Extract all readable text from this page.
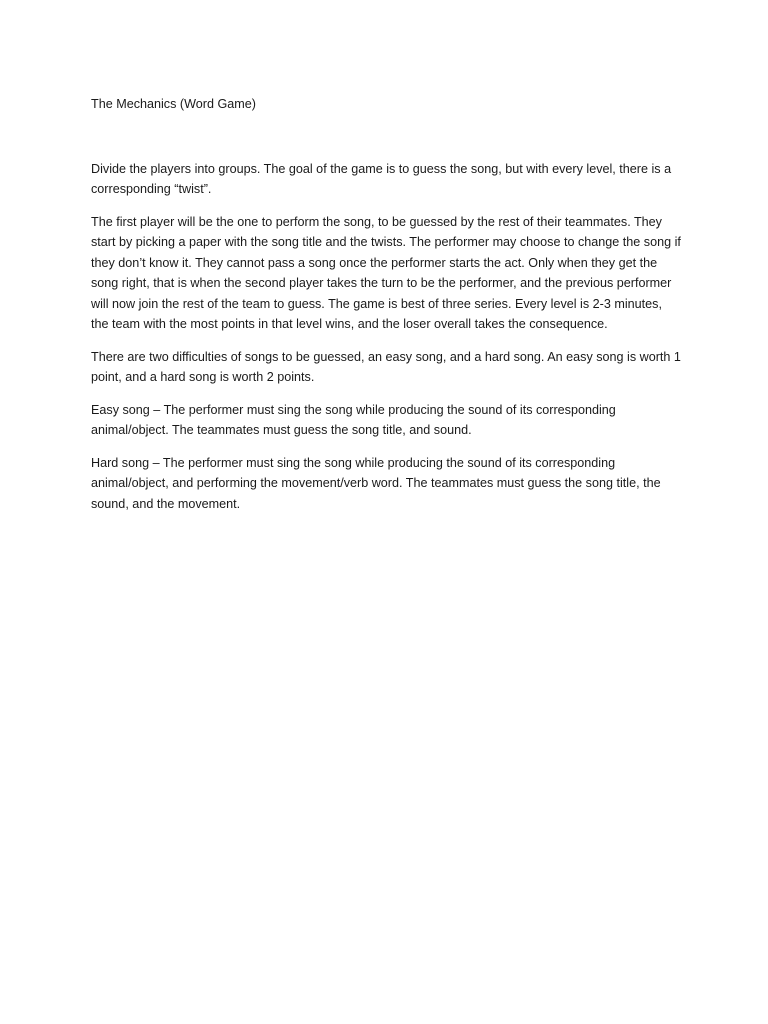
The Mechanics (Word Game)

Divide the players into groups. The goal of the game is to guess the song, but with every level, there is a corresponding “twist”.

The first player will be the one to perform the song, to be guessed by the rest of their teammates. They start by picking a paper with the song title and the twists. The performer may choose to change the song if they don’t know it. They cannot pass a song once the performer starts the act. Only when they get the song right, that is when the second player takes the turn to be the performer, and the previous performer will now join the rest of the team to guess. The game is best of three series. Every level is 2-3 minutes, the team with the most points in that level wins, and the loser overall takes the consequence.

There are two difficulties of songs to be guessed, an easy song, and a hard song. An easy song is worth 1 point, and a hard song is worth 2 points.

Easy song – The performer must sing the song while producing the sound of its corresponding animal/object. The teammates must guess the song title, and sound.

Hard song – The performer must sing the song while producing the sound of its corresponding animal/object, and performing the movement/verb word. The teammates must guess the song title, the sound, and the movement.
